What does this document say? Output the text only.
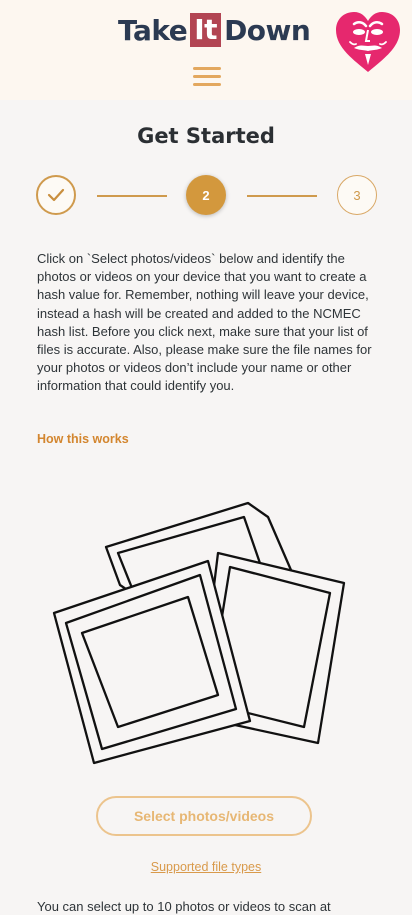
Take It Down
Get Started
2	3

Click on `Select photos/videos` below and identify the photos or videos on your device that you want to create a hash value for. Remember, nothing will leave your device, instead a hash will be created and added to the NCMEC hash list. Before you click next, make sure that your list of files is accurate. Also, please make sure the file names for your photos or videos don’t include your name or other information that could identify you.

How this works
Select photos/videos
Supported file types
You can select up to 10 photos or videos to scan at
